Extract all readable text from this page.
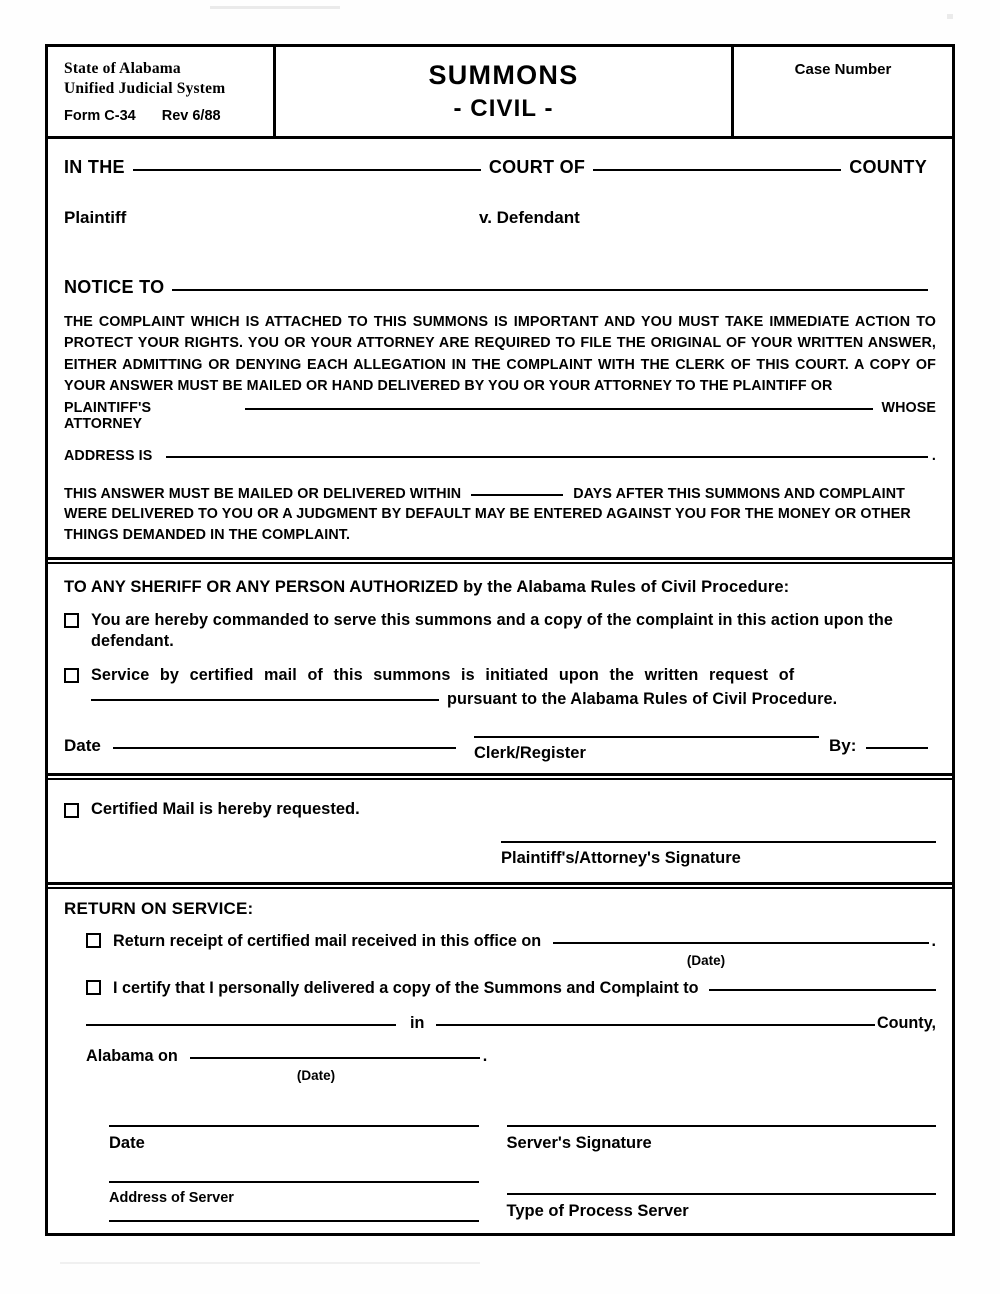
State of Alabama
Unified Judicial System
Form C-34 Rev 6/88
SUMMONS
- CIVIL -
Case Number
IN THE	COURT OF	COUNTY
Plaintiff	v. Defendant
NOTICE TO
THE COMPLAINT WHICH IS ATTACHED TO THIS SUMMONS IS IMPORTANT AND YOU MUST TAKE IMMEDIATE ACTION TO PROTECT YOUR RIGHTS. YOU OR YOUR ATTORNEY ARE REQUIRED TO FILE THE ORIGINAL OF YOUR WRITTEN ANSWER, EITHER ADMITTING OR DENYING EACH ALLEGATION IN THE COMPLAINT WITH THE CLERK OF THIS COURT. A COPY OF YOUR ANSWER MUST BE MAILED OR HAND DELIVERED BY YOU OR YOUR ATTORNEY TO THE PLAINTIFF OR
PLAINTIFF'S ATTORNEY
WHOSE
ADDRESS IS	.
THIS ANSWER MUST BE MAILED OR DELIVERED WITHIN	DAYS AFTER THIS SUMMONS AND COMPLAINT
WERE DELIVERED TO YOU OR A JUDGMENT BY DEFAULT MAY BE ENTERED AGAINST YOU FOR THE MONEY OR OTHER THINGS DEMANDED IN THE COMPLAINT.
TO ANY SHERIFF OR ANY PERSON AUTHORIZED by the Alabama Rules of Civil Procedure:
You are hereby commanded to serve this summons and a copy of the complaint in this action upon the defendant.
Service by certified mail of this summons is initiated upon the written request of
pursuant to the Alabama Rules of Civil Procedure.
Date	Clerk/Register	By:
Certified Mail is hereby requested.
Plaintiff's/Attorney's Signature
RETURN ON SERVICE:
Return receipt of certified mail received in this office on	.
(Date)
I certify that I personally delivered a copy of the Summons and Complaint to
in	County,
Alabama on	.
(Date)
Date
Address of Server
Server's Signature
Type of Process Server
